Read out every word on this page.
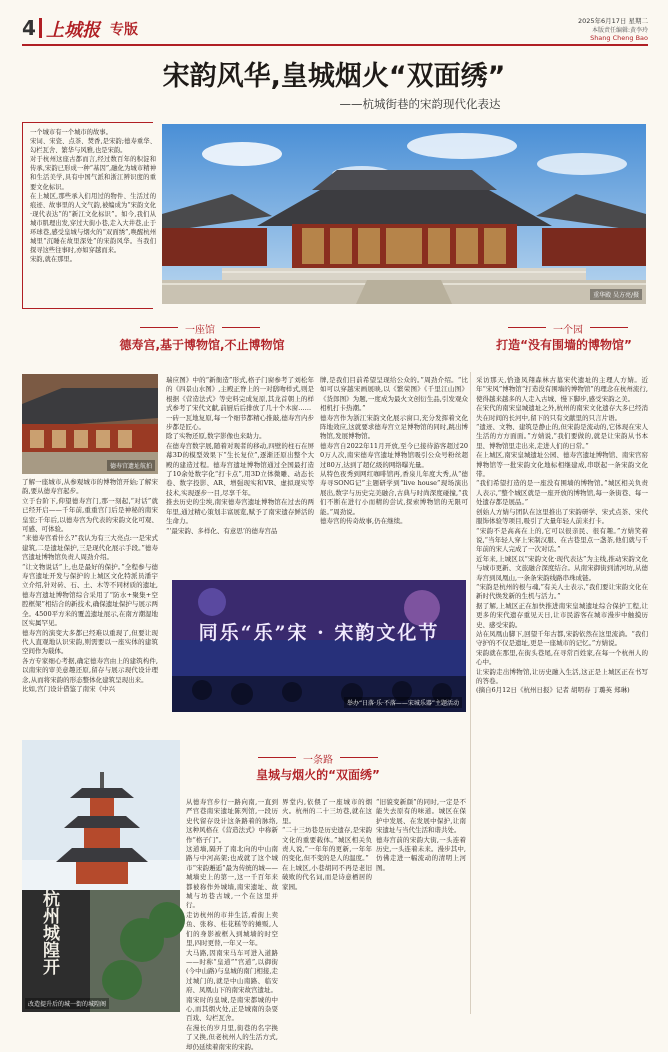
4 上城报 专版
2025年6月17日 星期二
本版责任编辑:黄李玲
Shang Cheng Bao
宋韵风华,皇城烟火“双面绣”
——杭城街巷的宋韵现代化表达
一个城市有一个城市的故事。
宋词、宋瓷、点茶、焚香,是宋韵;德寿重华、勾栏瓦舍、繁华与风雅,也是宋韵。
对于杭州这座古都而言,经过数百年的积淀和传承,宋韵已形成一种“基因”,融化为城市精神和生活美学,具有中国气派和浙江辨识度的重要文化标识。
在上城区,那些承入们用过的物件、生活过的痕迹、故事里的人文气韵,被编成为“宋韵文化·现代表达”的“新江文化标识”。如今,我们从城市肌理出发,穿过大街小巷,走入大井巷,止于环球巷,感受皇城与烟火的“双面绣”,唤醒杭州城里“沉睡在故里深处”的宋韵风华。当我们探寻这些往事时,亦如穿越而来。
宋韵,就在那里。
重华殿 吴方亮/摄
一座馆
德寿宫,基于博物馆,不止博物馆
德寿宫遗址航拍
了解一座城市,从参观城市的博物馆开始;了解宋韵,要从德寿宫起步。
立于台阶下,仰望德寿宫门,那一刻起,“对话”就已经开启——千年前,重重宫门后是神秘的南宋皇室;千年后,以德寿宫为代表的宋韵文化可观、可感、可体验。
“来德寿宫看什么?”我认为有三大亮点:一是宋式建筑,二是遗址保护,三是现代化展示手段。”德寿宫遗址博物馆负责人周劲介绍。
“让文物说话”上,也是最好的保护。”全程参与德寿宫遗址开发与保护的上城区文化特派员潘宇立介绍,针对砖、石、土、木等不同材质的遗址,德寿宫遗址博物馆综合采用了“防水+聚集+空腔框架”相结合的新技术,确保遗址保护与展示两全。4500平方米的覆盖遗址展示,在南方潮湿地区实属罕见。
德寿宫的演变大多都已经难以重现了,但要让现代人直观地认识宋韵,则需要以一座实体的建筑空间作为载体。
各方专家细心考据,确定德寿宫由上的建筑构件,以南宋的审美意趣还原,留存与展示现代设计理念,从而将宋韵的形态整体化建筑呈现出来。
比如,宫门设计借鉴了南宋《中兴
瑞应图》中的“新衙造”形式,格子门窗参考了刘松年的《四景山水图》,主殿正脊上的一对鸱吻样式,则是根据《营造法式》等史料完成复原,其龙首朝上的样式参考了宋代文献,前厨后后排放了几十个木窗……
一砖一瓦地复原,每一个细节都精心推敲,德寿宫内步步都是匠心。
除了实物还原,数字影像也来助力。
在德寿宫数字展,随着对观者的移动,四壁的柱石在屏幕3D的模型效果下“生长复位”,逐渐还原出整个大殿的建造过程。德寿宫遗址博物馆通过全国最打造了10余处数字化“打卡点”,用3D立体微雕、动态长卷、数字投影、AR、增强现实和VR、虚拟现实等技术,实现逐步一目,尽享千年。
推去历史的尘埃,南宋德寿宫遗址博物馆在过去的两年里,通过精心策划丰富展览,赋予了南宋遗存鲜活的生命力。
“‘最宋韵、多样化、有意思’的德寿宫品
牌,是我们目前希望呈现给公众的。”周劲介绍。“比如可以穿越宋画展映,以《繁荣图》《千里江山图》《货郎图》为题,一度成为最火文创衍生品,引发观众相机打卡热潮。”
德寿宫作为浙江宋韵文化展示窗口,充分发挥着文化阵地效应,这就要求德寿宫立足博物馆的同时,跳出博物馆,发展博物馆。
德寿宫自2022年11月开放,至今已接待游客超过200万人次,南宋德寿宫遗址博物馆吸引公众号粉丝超过80万,达到了超亿级的网络曝光量。
从特色夜秀到网红咖啡馆再,香泉儿年度大秀,从“德寿寻SONG记”主题研学到“live house”现场演出展出,数字与历史完美融合,古典与时尚深度碰撞,“我们不断在进行小而精的尝试,探索博物馆的无限可能。”周劲说。
德寿宫的传奇故事,仍在继续。
同乐“乐”宋 · 宋韵文化节
举办“日落·乐·不落——宋城乐器”主题活动
一个园
打造“没有围墙的博物馆”
采访那天,恰逢凤翔森林古墓宋代遗址的主理人方婧。近年“宋风”博物馆“打造没有围墙的博物馆”的理念在杭州流行,使得越来越多的人走入古城、慢下脚步,感受宋韵之美。
在宋代的南宋皇城遗址之外,杭州的南宋文化遗存大多已经消失在时间的长河中,留下的只有文献里的只言片语。
“遗迹、文物、建筑是静止的,但宋韵是流动的,它体现在宋人生活的方方面面。”方婧说,“我们要做的,就是让宋韵从书本里、博物馆里走出来,走进人们的日常。”
在上城区,南宋皇城遗址公园、德寿宫遗址博物馆、南宋官窑博物馆等一批宋韵文化地标相继建成,串联起一条宋韵文化带。
“我们希望打造的是一座没有围墙的博物馆。”城区相关负责人表示,“整个城区就是一座开放的博物馆,每一条街巷、每一处遗存都是展品。”
创始人方婧与团队在这里推出了宋韵研学、宋式点茶、宋代服饰体验等项目,吸引了大量年轻人前来打卡。
“宋韵不是高高在上的,它可以很亲民、很有趣。”方婧笑着说,“当年轻人穿上宋制汉服、在古巷里点一盏茶,他们就与千年前的宋人完成了一次对话。”
近年来,上城区以“宋韵文化·现代表达”为主线,推动宋韵文化与城市更新、文旅融合深度结合。从南宋御街到清河坊,从德寿宫到凤凰山,一条条宋韵线路串珠成链。
“宋韵是杭州的根与魂,”有关人士表示,“我们要让宋韵文化在新时代焕发新的生机与活力。”
据了解,上城区正在加快推进南宋皇城遗址综合保护工程,让更多的宋代遗存重见天日,让市民游客在城市漫步中触摸历史、感受宋韵。
站在凤凰山脚下,回望千年古都,宋韵依然在这里流淌。“我们守护的不仅是遗址,更是一座城市的记忆。”方婧说。
宋韵就在那里,在街头巷尾,在寻常百姓家,在每一个杭州人的心中。
让宋韵走出博物馆,让历史融入生活,这正是上城区正在书写的答卷。
(摘自6月12日《杭州日报》记者 胡明春 丁璐英 郑琳)
杭州城隍开
改造提升后的城一街的城隍阁
一条路
皇城与烟火的“双面绣”
从德寿宫步行一路向南,一直到严官巷南宋遗址陈列馆,一段历史代留存设计这条路着的脉络,这种风格在《营造法式》中称新作“格子门”。
这道墙,隔开了南北向的中山南路与中河高架;也成就了这个城市“宋韵邂逅”最为传统的城——城墙史上的第一,这一千百年来都被称作外城墙,南宋遗址、故城与坊巷古城,一个在这里并行。
走访杭州的市井生活,看街上卖鱼、张称、桂花糕等的摊贩,人们的身影被框入到城墙的时空里,四时更替,一年又一年。
大马路,因南宋马车可进入道路——时称“皇道”“官道”,以御街(今中山路)与皇城的南门相接,走过城门的,就是中山南路、临安府、凤凰山下的南宋故宫遗址。
南宋时的皇城,是南宋都城的中心,而其烟火处,正是城南的杂耍百戏、勾栏瓦舍。
在漫长的岁月里,街巷的名字换了又换,但老杭州人的生活方式,却仍延续着南宋的宋韵。
界堂内,依偎了一座城市的烟火。杭州的二十三坊巷,就在这里。
“二十三坊巷是历史遗存,是宋韵文化的重要载体。”城区相关负责人说,“一年年的更新,一年年的变化,但不变的是人的温度。”
在上城区,小巷胡同不再是老旧破败的代名词,而是诗意栖居的家园。
“旧貌变新颜”的同时,一定是不能失去原有的味道。城区在保护中发展、在发展中保护,让南宋遗址与当代生活和谐共处。
德寿宫前的宋韵大街,一头连着历史,一头连着未来。漫步其中,仿佛走进一幅流动的清明上河图。
